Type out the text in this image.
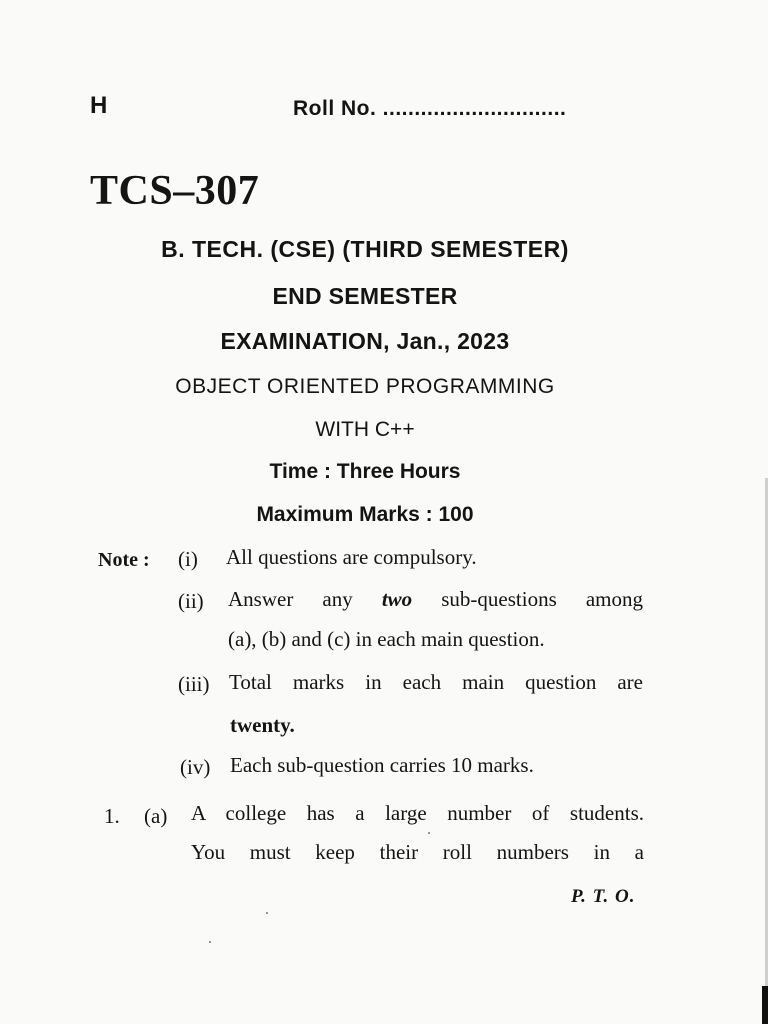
H	Roll No. .............................
TCS–307
B. TECH. (CSE) (THIRD SEMESTER)
END SEMESTER
EXAMINATION, Jan., 2023
OBJECT ORIENTED PROGRAMMING
WITH C++
Time : Three Hours
Maximum Marks : 100
Note : (i) All questions are compulsory.
(ii) Answer any two sub-questions among
(a), (b) and (c) in each main question.
(iii) Total marks in each main question are
twenty.
(iv) Each sub-question carries 10 marks.
1. (a) A college has a large number of students.
You must keep their roll numbers in a
P. T. O.
